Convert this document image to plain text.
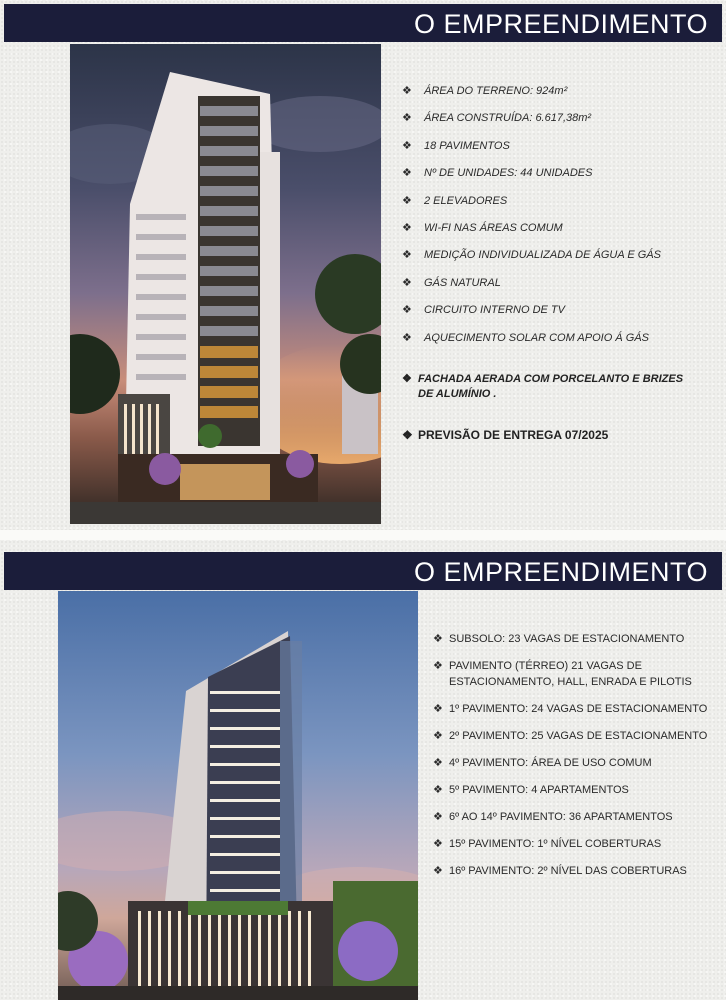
O EMPREENDIMENTO
❖ ÁREA DO TERRENO: 924m²
❖ ÁREA CONSTRUÍDA: 6.617,38m²
❖ 18 PAVIMENTOS
❖ Nº DE UNIDADES: 44 UNIDADES
❖ 2 ELEVADORES
❖ WI-FI NAS ÁREAS COMUM
❖ MEDIÇÃO INDIVIDUALIZADA DE ÁGUA E GÁS
❖ GÁS NATURAL
❖ CIRCUITO INTERNO DE TV
❖ AQUECIMENTO SOLAR COM APOIO Á GÁS
❖ FACHADA AERADA COM PORCELANTO E BRIZES
DE ALUMÍNIO .
❖ PREVISÃO DE ENTREGA 07/2025
O EMPREENDIMENTO
❖ SUBSOLO: 23 VAGAS DE ESTACIONAMENTO
❖ PAVIMENTO (TÉRREO) 21 VAGAS DE ESTACIONAMENTO, HALL, ENRADA E PILOTIS
❖ 1º PAVIMENTO: 24 VAGAS DE ESTACIONAMENTO
❖ 2º PAVIMENTO: 25 VAGAS DE ESTACIONAMENTO
❖ 4º PAVIMENTO: ÁREA DE USO COMUM
❖ 5º PAVIMENTO: 4 APARTAMENTOS
❖ 6º AO 14º PAVIMENTO: 36 APARTAMENTOS
❖ 15º PAVIMENTO: 1º NÍVEL COBERTURAS
❖ 16º PAVIMENTO: 2º NÍVEL DAS COBERTURAS
